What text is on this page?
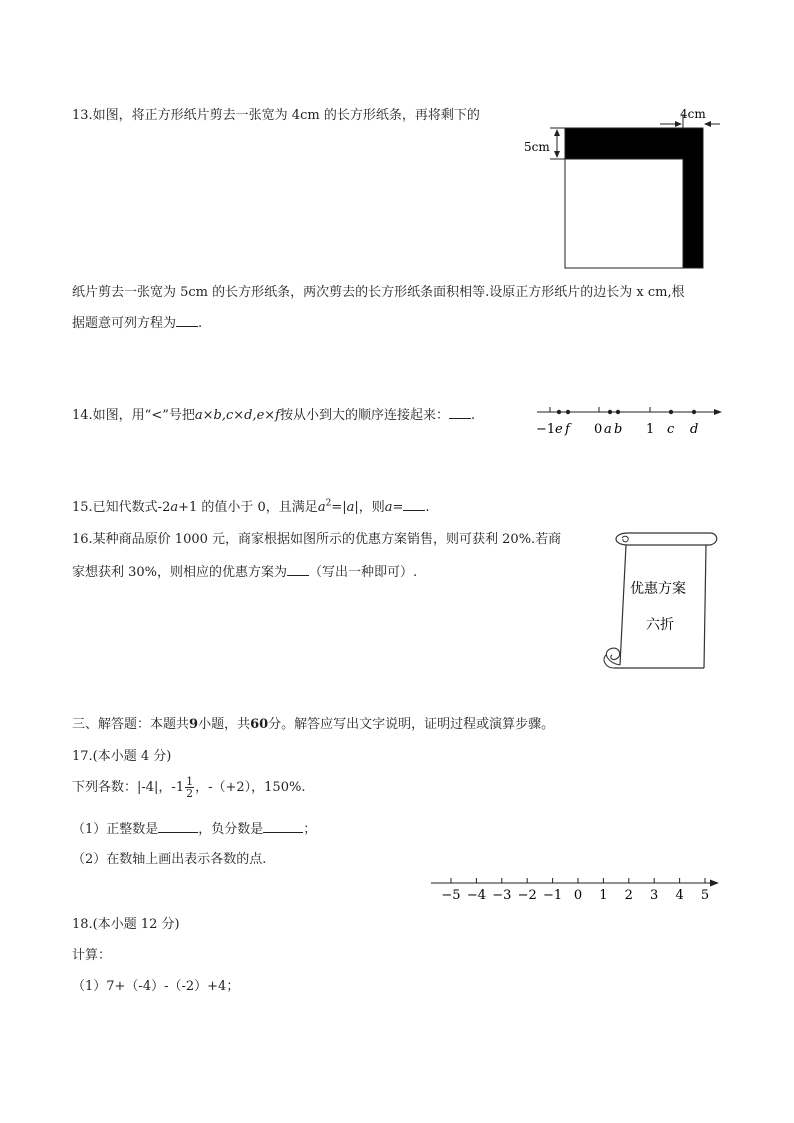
13.如图，将正方形纸片剪去一张宽为 4cm 的长方形纸条，再将剩下的
5cm
4cm
纸片剪去一张宽为 5cm 的长方形纸条，两次剪去的长方形纸条面积相等.设原正方形纸片的边长为 x cm,根
据题意可列方程为 .
14.如图，用“<”号把a×b,c×d,e×f按从小到大的顺序连接起来： .
−1	0	1
e f	a b	c d
15.已知代数式-2a+1 的值小于 0，且满足$a^2=|a|$，则a= .
16.某种商品原价 1000 元，商家根据如图所示的优惠方案销售，则可获利 20%.若商
家想获利 30%，则相应的优惠方案为 （写出一种即可）.
优惠方案
六折
三、解答题：本题共9小题，共60分。解答应写出文字说明，证明过程或演算步骤。
17.(本小题 4 分)
下列各数：|-4|，$-1 \frac{1}{2}$ ，-（+2），150%.
（1）正整数是	，负分数是	；
（2）在数轴上画出表示各数的点.
−5 −4 −3 −2 −1 0 1 2 3 4 5
18.(本小题 12 分)
计算：
（1）7+（-4）-（-2）+4；
